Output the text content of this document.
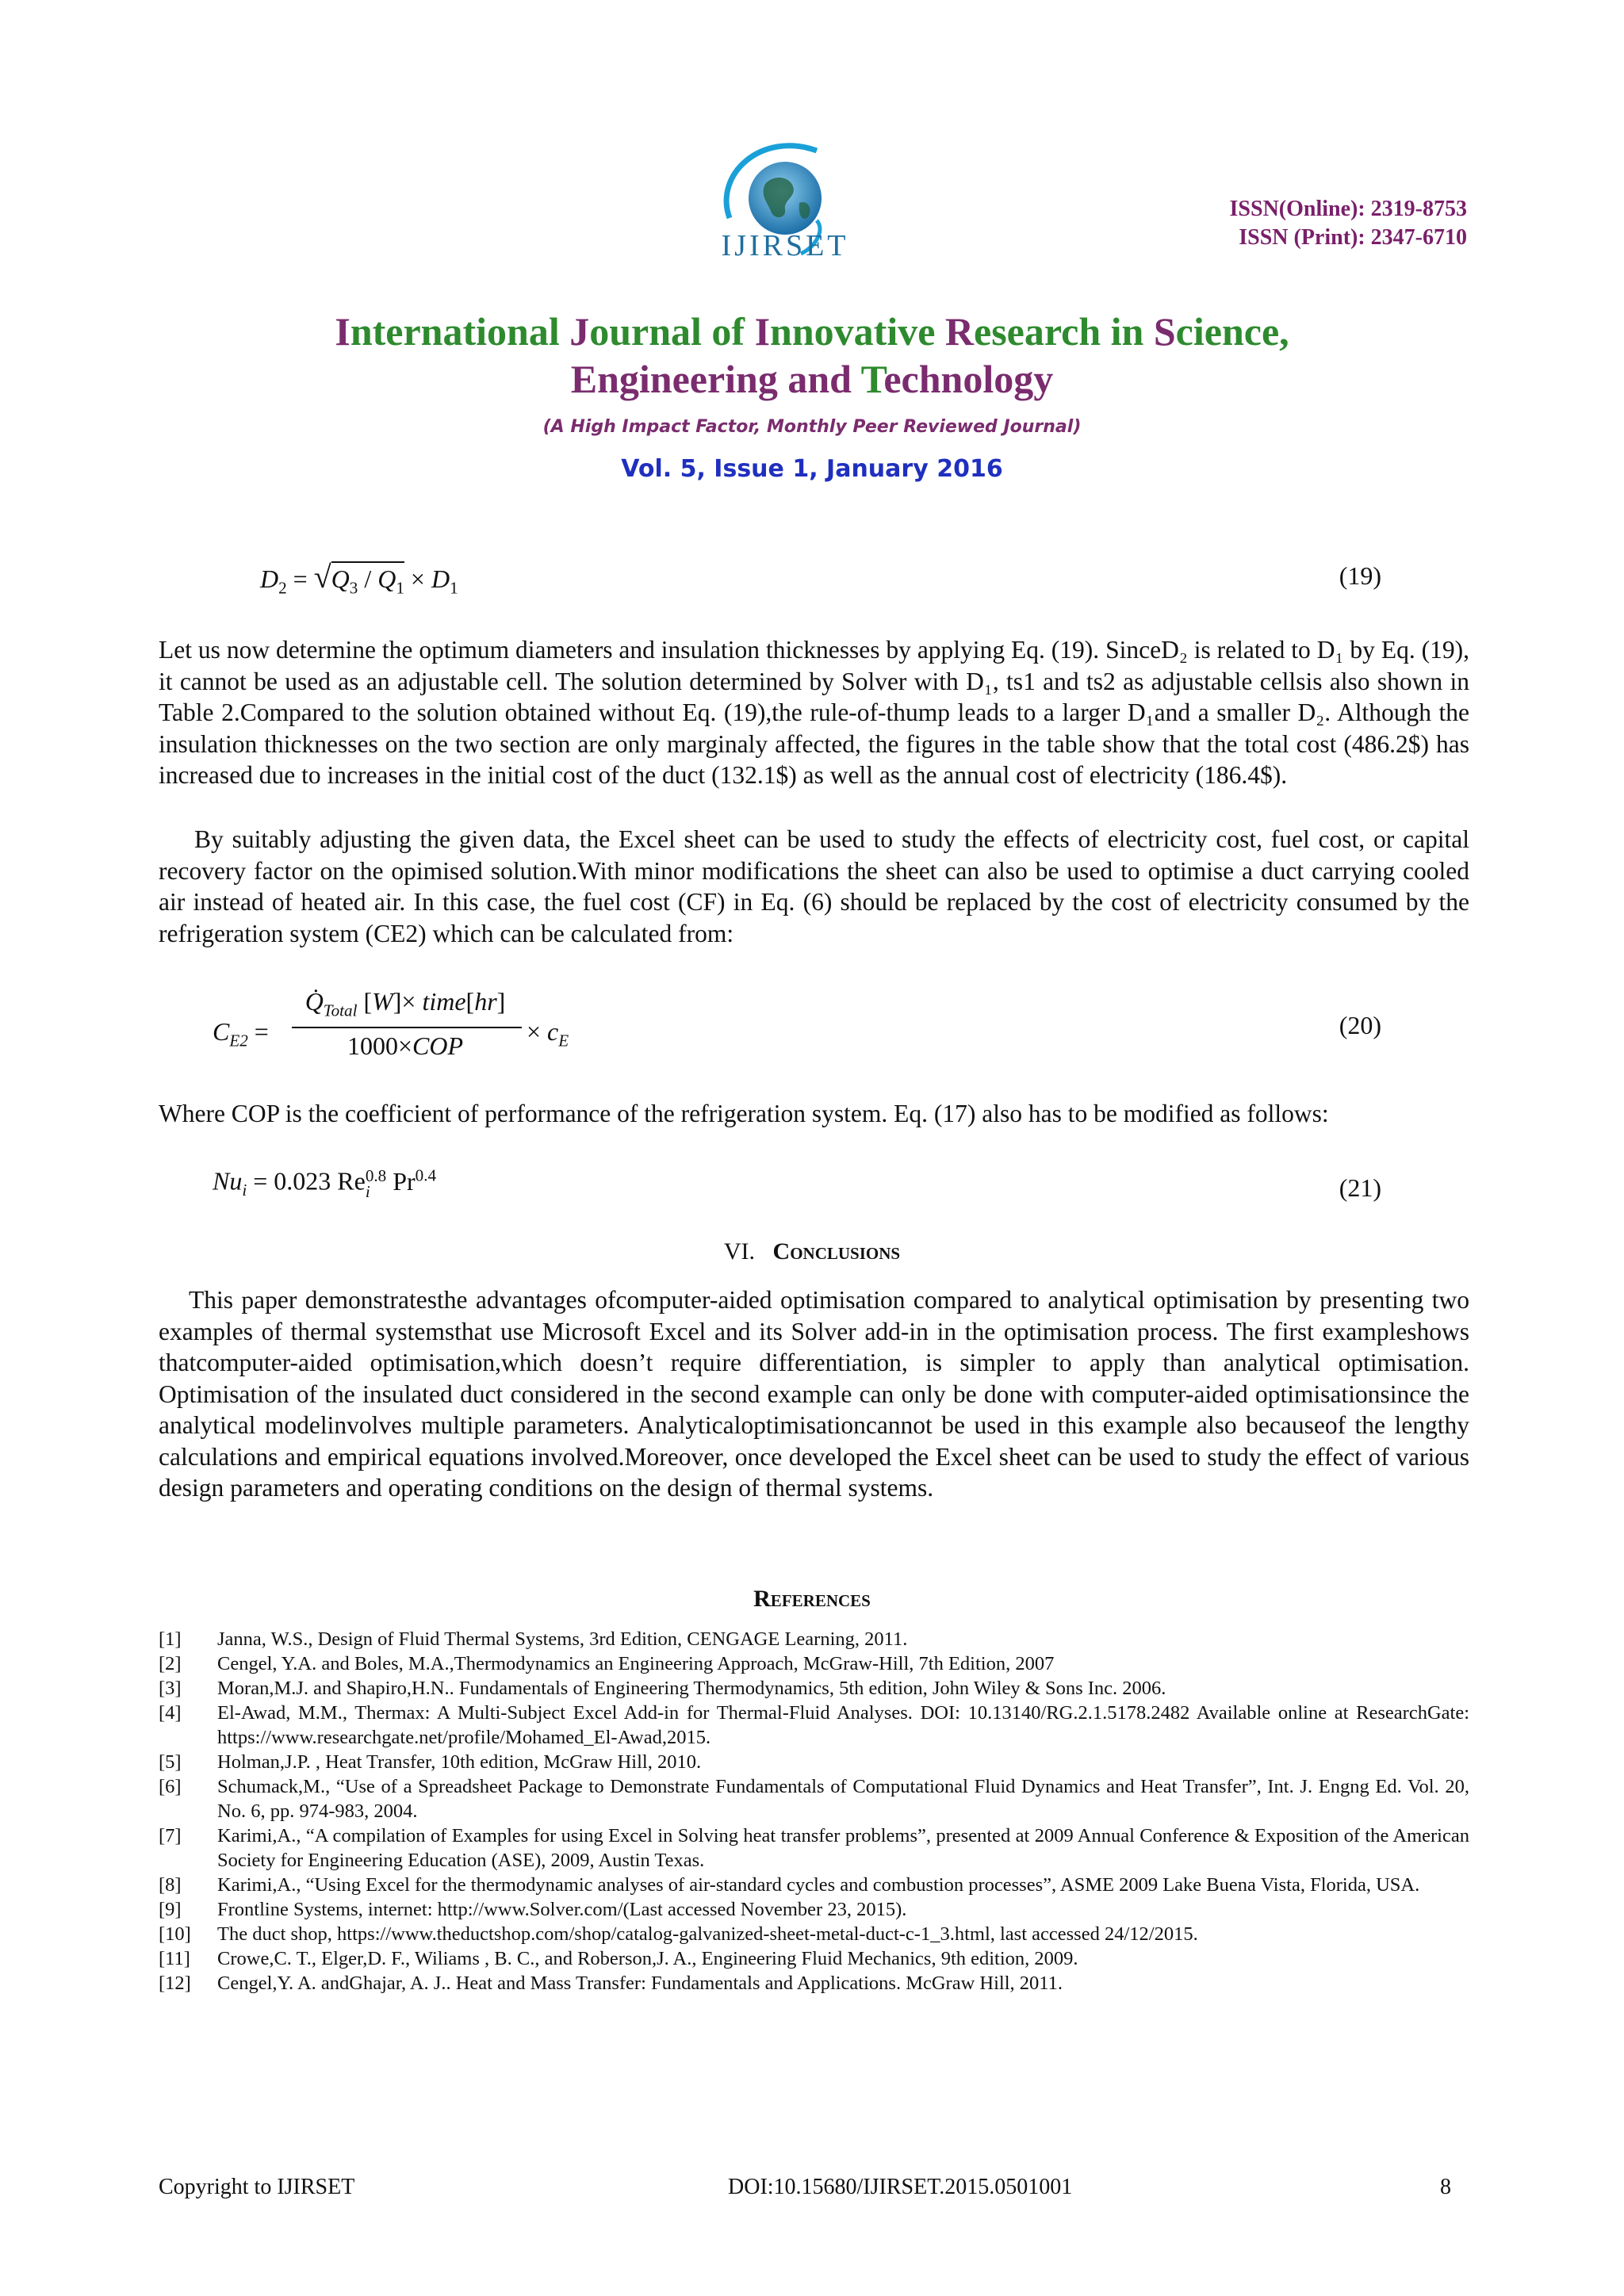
IJIRSET
ISSN(Online): 2319-8753
ISSN (Print): 2347-6710
International Journal of Innovative Research in Science,
Engineering and Technology
(A High Impact Factor, Monthly Peer Reviewed Journal)
Vol. 5, Issue 1, January 2016
$D_2 = √Q_3 / Q_1 \times D_1$	(19)
Let us now determine the optimum diameters and insulation thicknesses by applying Eq. (19). SinceD₂ is related to D₁ by Eq. (19), it cannot be used as an adjustable cell. The solution determined by Solver with D₁, ts1 and ts2 as adjustable cellsis also shown in Table 2.Compared to the solution obtained without Eq. (19),the rule-of-thump leads to a larger D₁and a smaller D₂. Although the insulation thicknesses on the two section are only marginaly affected, the figures in the table show that the total cost (486.2$) has increased due to increases in the initial cost of the duct (132.1$) as well as the annual cost of electricity (186.4$).
By suitably adjusting the given data, the Excel sheet can be used to study the effects of electricity cost, fuel cost, or capital recovery factor on the opimised solution.With minor modifications the sheet can also be used to optimise a duct carrying cooled air instead of heated air. In this case, the fuel cost (CF) in Eq. (6) should be replaced by the cost of electricity consumed by the refrigeration system (CE2) which can be calculated from:
$C_{E2}$ =
$Q̇_{Total}$ [W]× time[hr]
1000×COP	× $c_E$
(20)
Where COP is the coefficient of performance of the refrigeration system. Eq. (17) also has to be modified as follows:
$Nu_i = 0.023$ Re 0.8
i $Pr^{0.4}$	(21)
VI. Conclusions
This paper demonstratesthe advantages ofcomputer-aided optimisation compared to analytical optimisation by presenting two examples of thermal systemsthat use Microsoft Excel and its Solver add-in in the optimisation process. The first exampleshows thatcomputer-aided optimisation,which doesn’t require differentiation, is simpler to apply than analytical optimisation. Optimisation of the insulated duct considered in the second example can only be done with computer-aided optimisationsince the analytical modelinvolves multiple parameters. Analyticaloptimisationcannot be used in this example also becauseof the lengthy calculations and empirical equations involved.Moreover, once developed the Excel sheet can be used to study the effect of various design parameters and operating conditions on the design of thermal systems.
References
[1]	Janna, W.S., Design of Fluid Thermal Systems, 3rd Edition, CENGAGE Learning, 2011.
[2]	Cengel, Y.A. and Boles, M.A.,Thermodynamics an Engineering Approach, McGraw-Hill, 7th Edition, 2007
[3]	Moran,M.J. and Shapiro,H.N.. Fundamentals of Engineering Thermodynamics, 5th edition, John Wiley & Sons Inc. 2006.
[4]	El-Awad, M.M., Thermax: A Multi-Subject Excel Add-in for Thermal-Fluid Analyses. DOI: 10.13140/RG.2.1.5178.2482 Available online at ResearchGate: https://www.researchgate.net/profile/Mohamed_El-Awad,2015.
[5]	Holman,J.P. , Heat Transfer, 10th edition, McGraw Hill, 2010.
[6]	Schumack,M., “Use of a Spreadsheet Package to Demonstrate Fundamentals of Computational Fluid Dynamics and Heat Transfer”, Int. J. Engng Ed. Vol. 20, No. 6, pp. 974-983, 2004.
[7]	Karimi,A., “A compilation of Examples for using Excel in Solving heat transfer problems”, presented at 2009 Annual Conference & Exposition of the American Society for Engineering Education (ASE), 2009, Austin Texas.
[8]	Karimi,A., “Using Excel for the thermodynamic analyses of air-standard cycles and combustion processes”, ASME 2009 Lake Buena Vista, Florida, USA.
[9]	Frontline Systems, internet: http://www.Solver.com/(Last accessed November 23, 2015).
[10]	The duct shop, https://www.theductshop.com/shop/catalog-galvanized-sheet-metal-duct-c-1_3.html, last accessed 24/12/2015.
[11]	Crowe,C. T., Elger,D. F., Wiliams , B. C., and Roberson,J. A., Engineering Fluid Mechanics, 9th edition, 2009.
[12]	Cengel,Y. A. andGhajar, A. J.. Heat and Mass Transfer: Fundamentals and Applications. McGraw Hill, 2011.
Copyright to IJIRSET	DOI:10.15680/IJIRSET.2015.0501001	8
